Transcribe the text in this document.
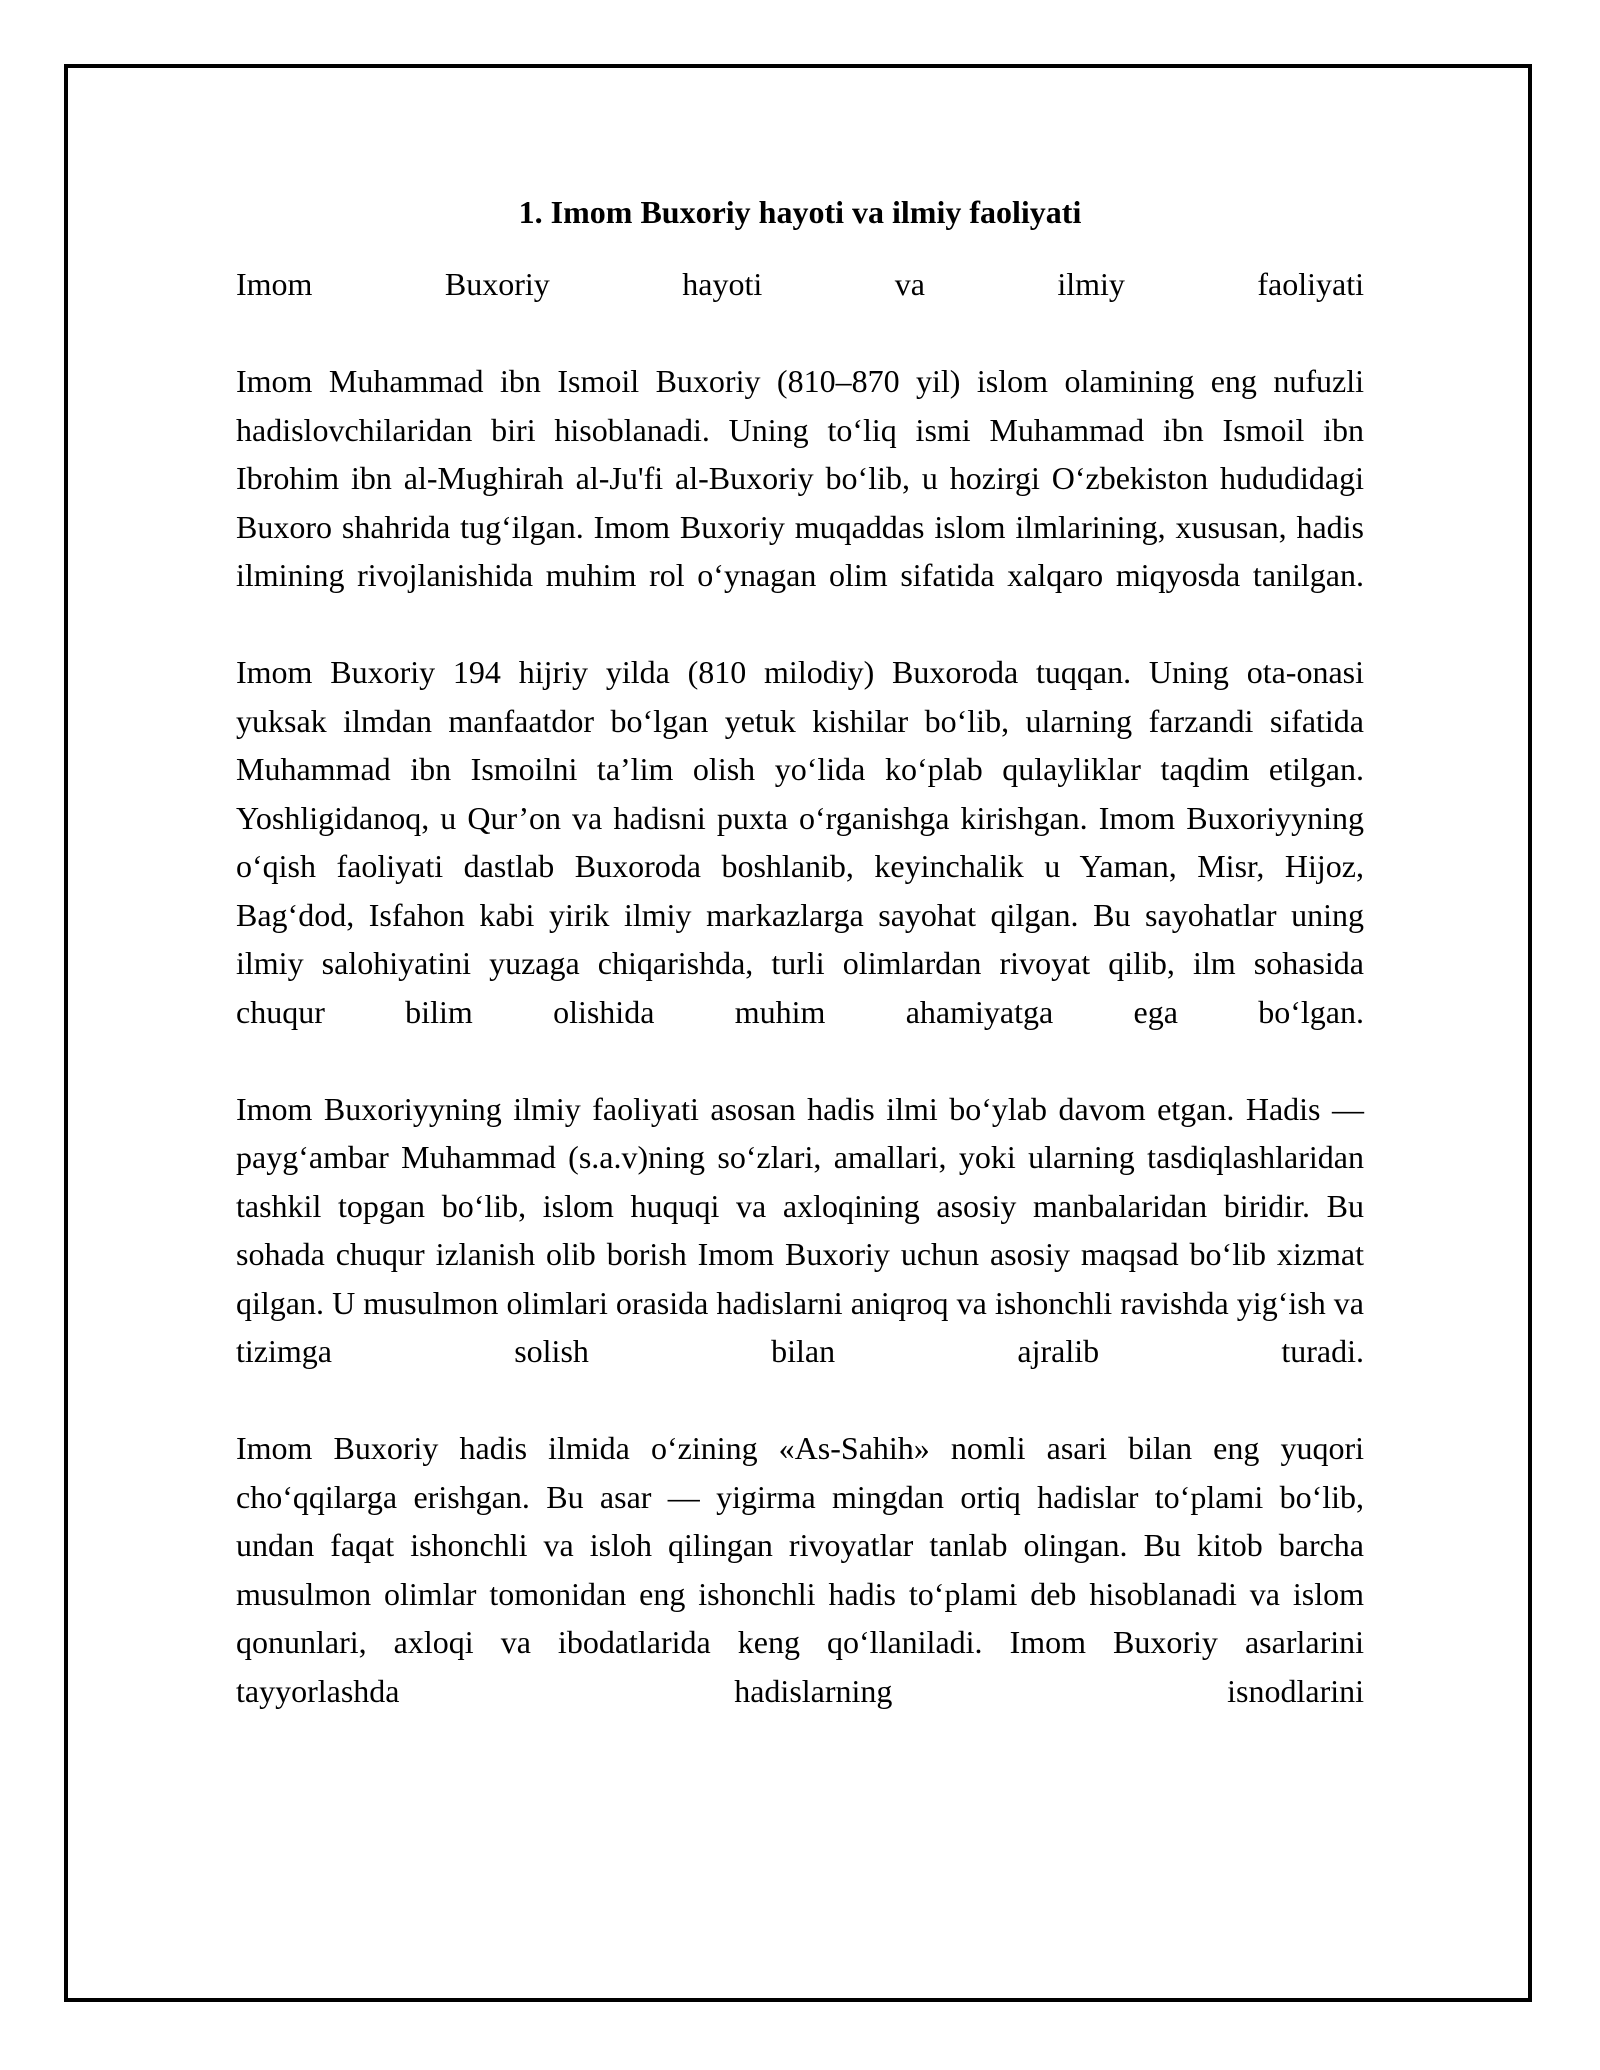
1. Imom Buxoriy hayoti va ilmiy faoliyati

Imom Buxoriy hayoti va ilmiy faoliyati

Imom Muhammad ibn Ismoil Buxoriy (810–870 yil) islom olamining eng nufuzli hadislovchilaridan biri hisoblanadi. Uning to‘liq ismi Muhammad ibn Ismoil ibn Ibrohim ibn al-Mughirah al-Ju'fi al-Buxoriy bo‘lib, u hozirgi O‘zbekiston hududidagi Buxoro shahrida tug‘ilgan. Imom Buxoriy muqaddas islom ilmlarining, xususan, hadis ilmining rivojlanishida muhim rol o‘ynagan olim sifatida xalqaro miqyosda tanilgan.

Imom Buxoriy 194 hijriy yilda (810 milodiy) Buxoroda tuqqan. Uning ota-onasi yuksak ilmdan manfaatdor bo‘lgan yetuk kishilar bo‘lib, ularning farzandi sifatida Muhammad ibn Ismoilni ta’lim olish yo‘lida ko‘plab qulayliklar taqdim etilgan. Yoshligidanoq, u Qur’on va hadisni puxta o‘rganishga kirishgan. Imom Buxoriyyning o‘qish faoliyati dastlab Buxoroda boshlanib, keyinchalik u Yaman, Misr, Hijoz, Bag‘dod, Isfahon kabi yirik ilmiy markazlarga sayohat qilgan. Bu sayohatlar uning ilmiy salohiyatini yuzaga chiqarishda, turli olimlardan rivoyat qilib, ilm sohasida chuqur bilim olishida muhim ahamiyatga ega bo‘lgan.

Imom Buxoriyyning ilmiy faoliyati asosan hadis ilmi bo‘ylab davom etgan. Hadis — payg‘ambar Muhammad (s.a.v)ning so‘zlari, amallari, yoki ularning tasdiqlashlaridan tashkil topgan bo‘lib, islom huquqi va axloqining asosiy manbalaridan biridir. Bu sohada chuqur izlanish olib borish Imom Buxoriy uchun asosiy maqsad bo‘lib xizmat qilgan. U musulmon olimlari orasida hadislarni aniqroq va ishonchli ravishda yig‘ish va tizimga solish bilan ajralib turadi.

Imom Buxoriy hadis ilmida o‘zining «As-Sahih» nomli asari bilan eng yuqori cho‘qqilarga erishgan. Bu asar — yigirma mingdan ortiq hadislar to‘plami bo‘lib, undan faqat ishonchli va isloh qilingan rivoyatlar tanlab olingan. Bu kitob barcha musulmon olimlar tomonidan eng ishonchli hadis to‘plami deb hisoblanadi va islom qonunlari, axloqi va ibodatlarida keng qo‘llaniladi. Imom Buxoriy asarlarini tayyorlashda hadislarning isnodlarini
